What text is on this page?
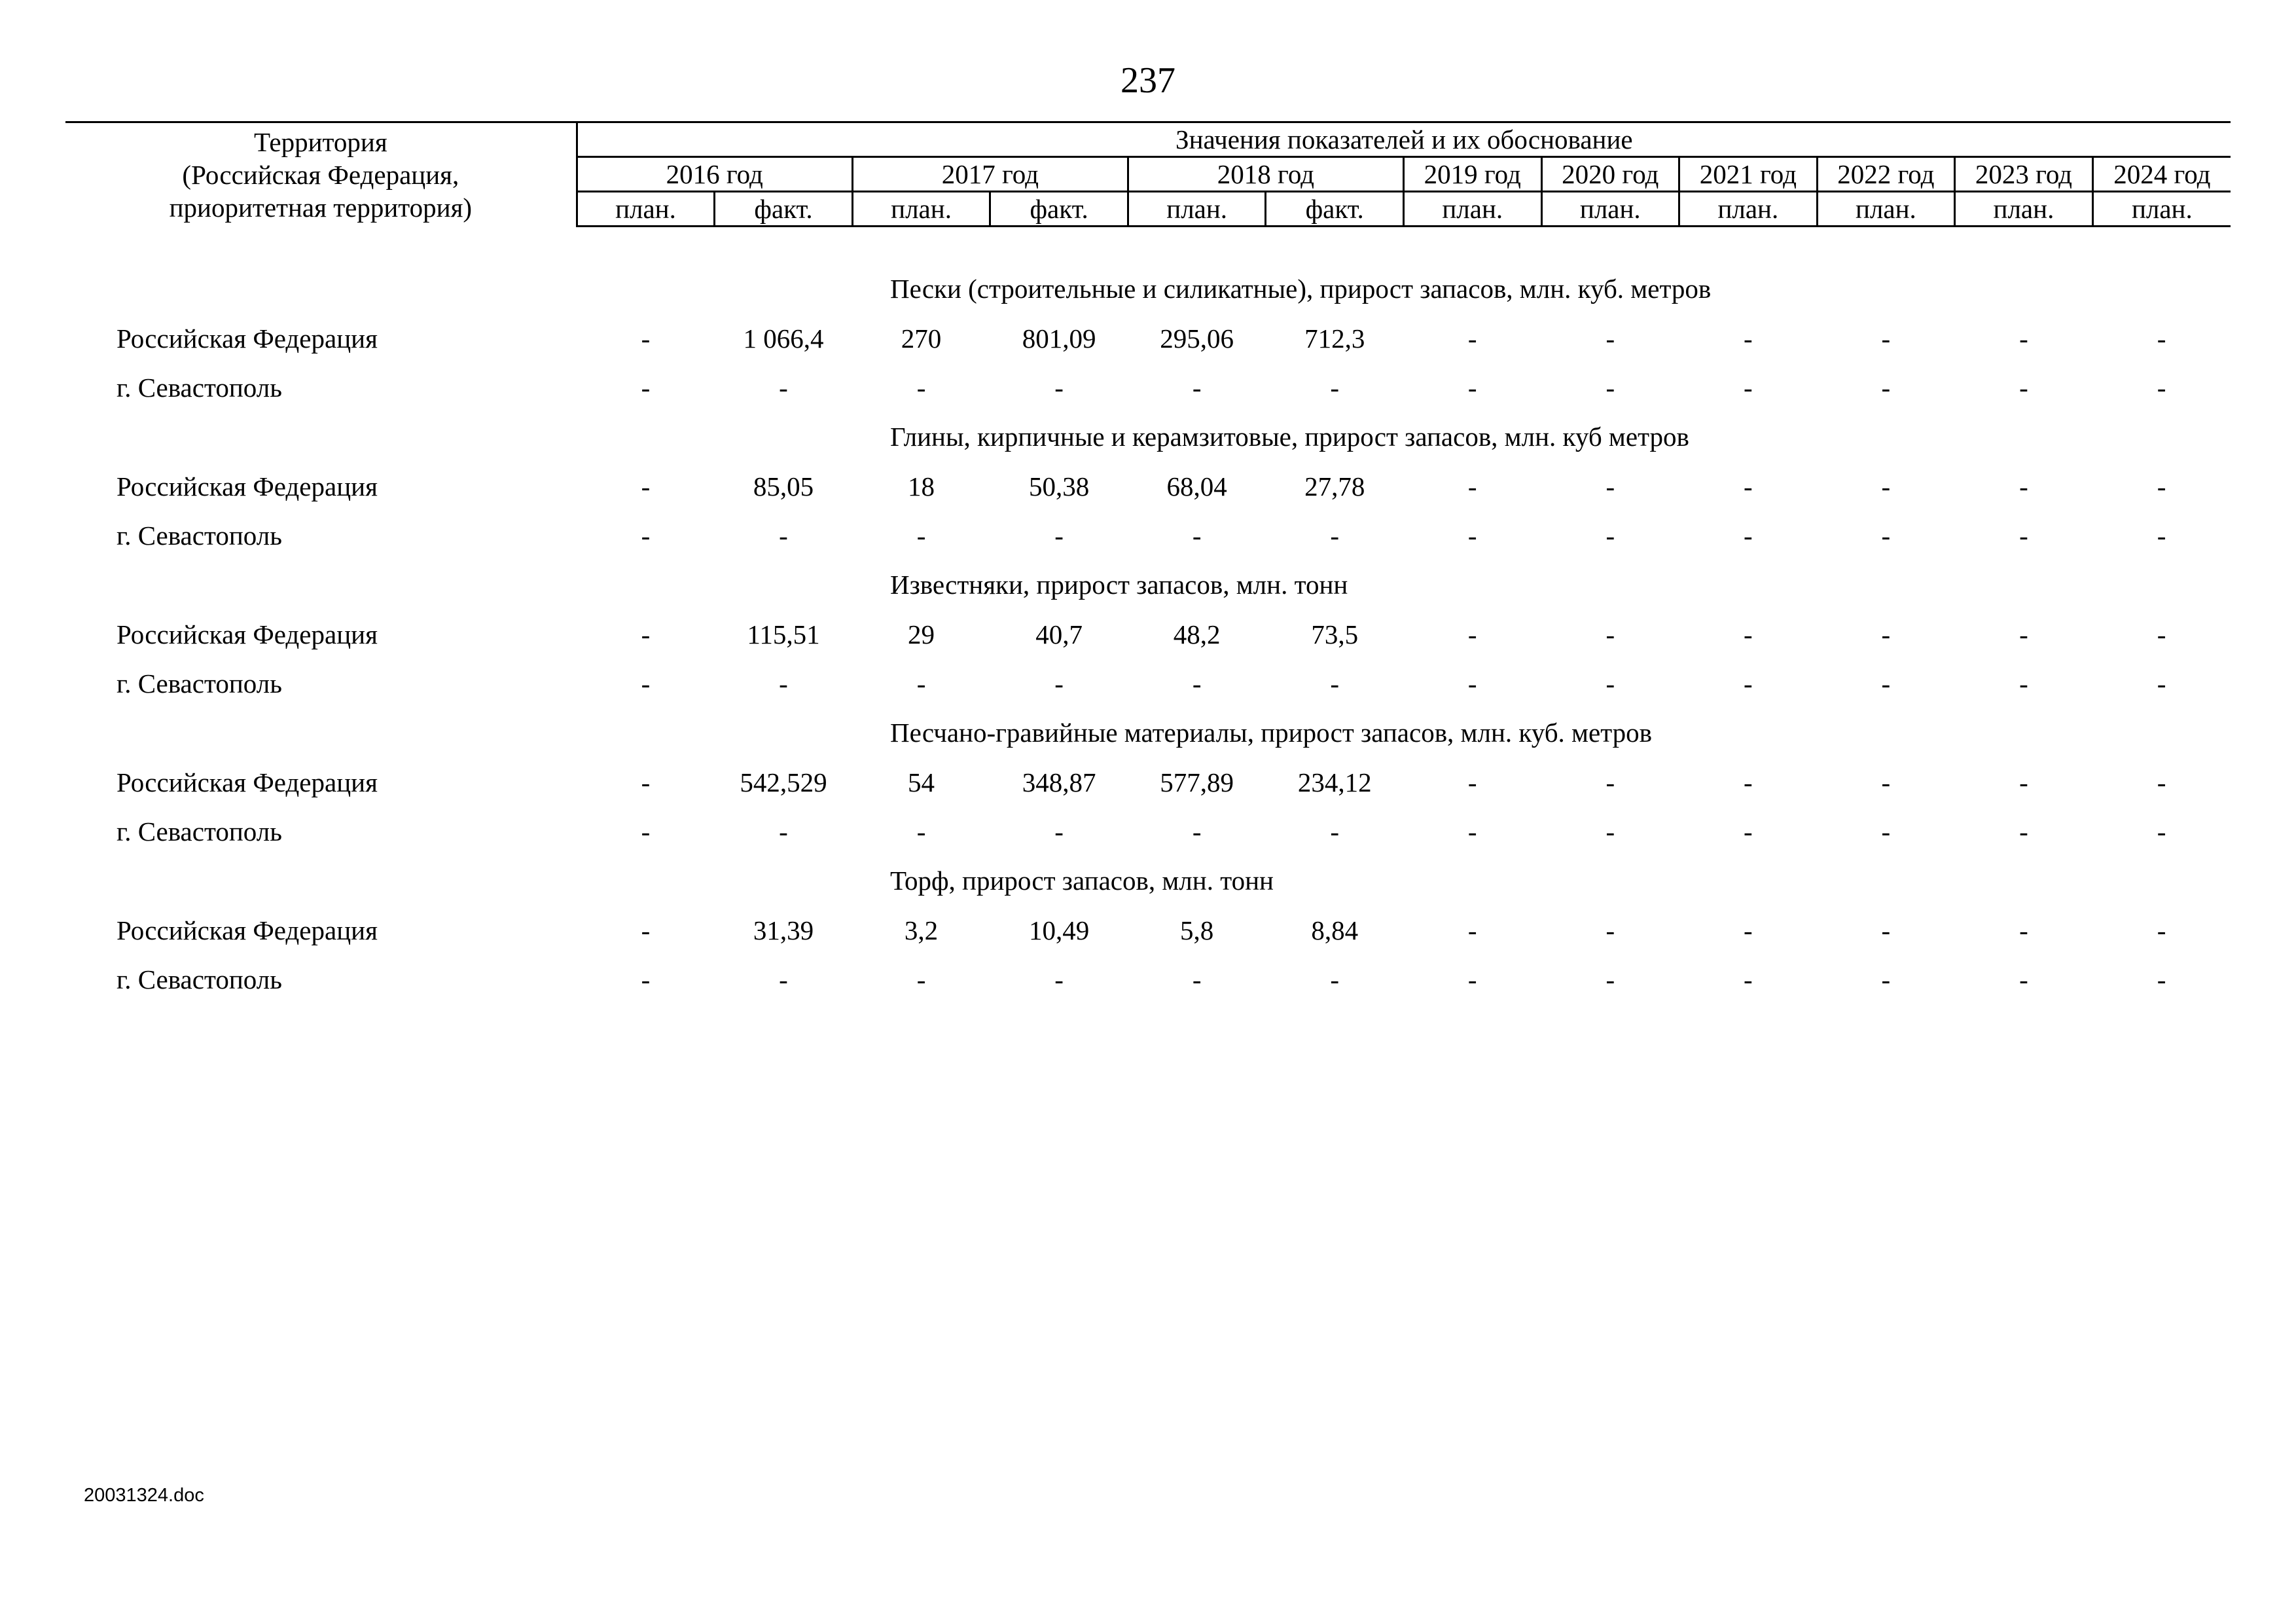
237
Территория
(Российская Федерация,
приоритетная территория)	Значения показателей и их обоснование											
	2016 год		2017 год		2018 год		2019 год	2020 год	2021 год	2022 год	2023 год	2024 год
	план.	факт.	план.	факт.	план.	факт.	план.	план.	план.	план.	план.	план.

Пески (строительные и силикатные), прирост запасов, млн. куб. метров												
Российская Федерация	-	1 066,4	270	801,09	295,06	712,3	-	-	-	-	-	-
г. Севастополь	-	-	-	-	-	-	-	-	-	-	-	-
Глины, кирпичные и керамзитовые, прирост запасов, млн. куб метров												
Российская Федерация	-	85,05	18	50,38	68,04	27,78	-	-	-	-	-	-
г. Севастополь	-	-	-	-	-	-	-	-	-	-	-	-
Известняки, прирост запасов, млн. тонн												
Российская Федерация	-	115,51	29	40,7	48,2	73,5	-	-	-	-	-	-
г. Севастополь	-	-	-	-	-	-	-	-	-	-	-	-
Песчано-гравийные материалы, прирост запасов, млн. куб. метров												
Российская Федерация	-	542,529	54	348,87	577,89	234,12	-	-	-	-	-	-
г. Севастополь	-	-	-	-	-	-	-	-	-	-	-	-
Торф, прирост запасов, млн. тонн												
Российская Федерация	-	31,39	3,2	10,49	5,8	8,84	-	-	-	-	-	-
г. Севастополь	-	-	-	-	-	-	-	-	-	-	-	-
20031324.doc
